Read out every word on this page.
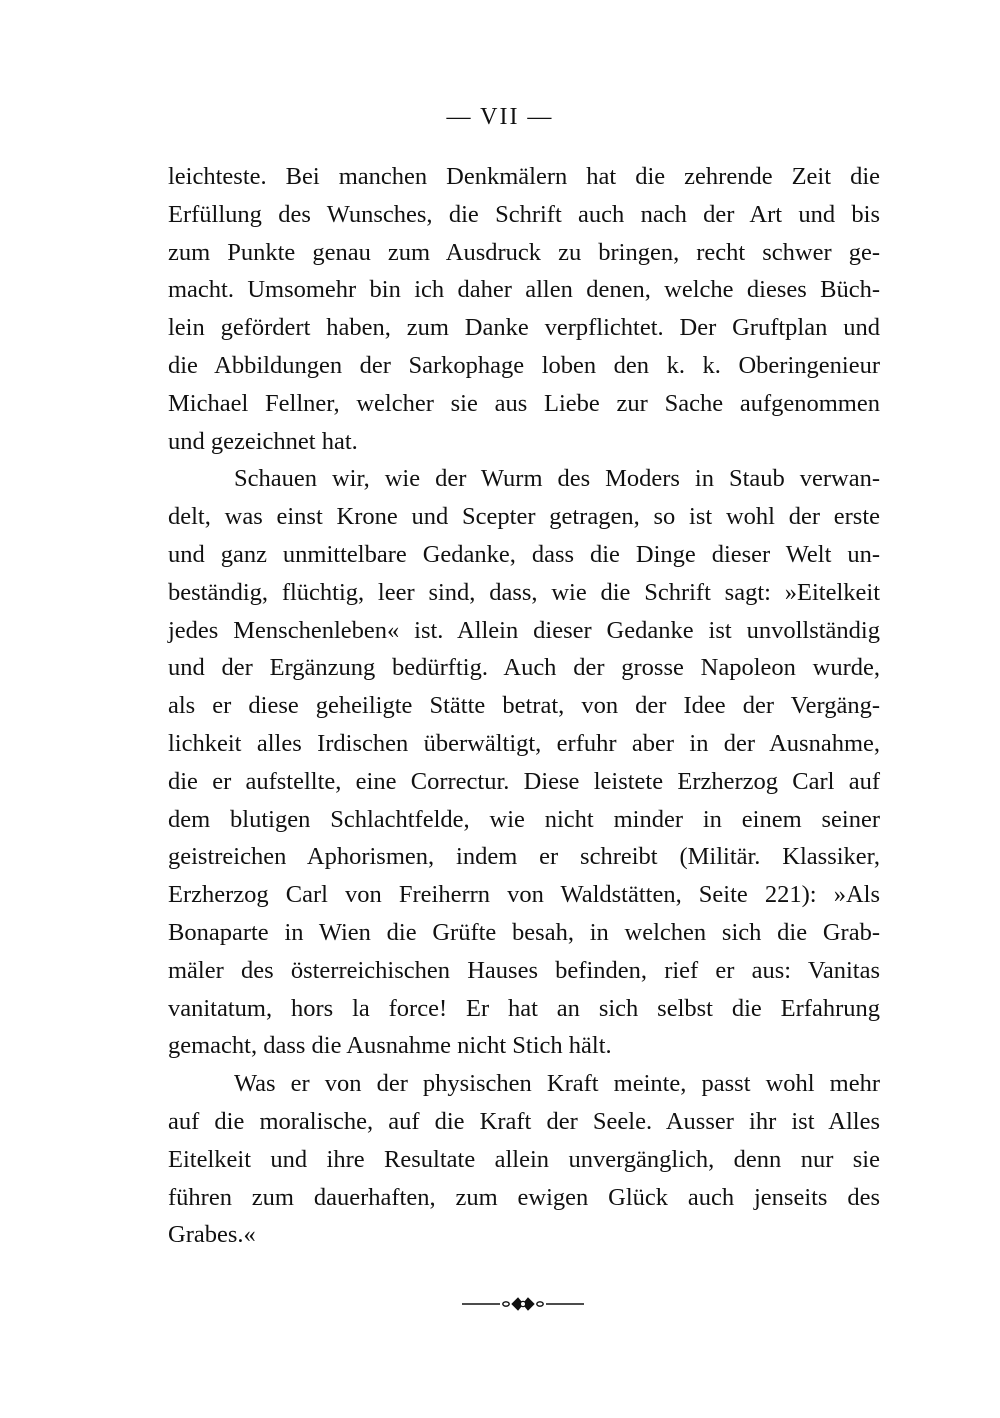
— VII —
leichteste. Bei manchen Denkmälern hat die zehrende Zeit die
Erfüllung des Wunsches, die Schrift auch nach der Art und bis
zum Punkte genau zum Ausdruck zu bringen, recht schwer ge-
macht. Umsomehr bin ich daher allen denen, welche dieses Büch-
lein gefördert haben, zum Danke verpflichtet. Der Gruftplan und
die Abbildungen der Sarkophage loben den k. k. Oberingenieur
Michael Fellner, welcher sie aus Liebe zur Sache aufgenommen
und gezeichnet hat.
Schauen wir, wie der Wurm des Moders in Staub verwan-
delt, was einst Krone und Scepter getragen, so ist wohl der erste
und ganz unmittelbare Gedanke, dass die Dinge dieser Welt un-
beständig, flüchtig, leer sind, dass, wie die Schrift sagt: »Eitelkeit
jedes Menschenleben« ist. Allein dieser Gedanke ist unvollständig
und der Ergänzung bedürftig. Auch der grosse Napoleon wurde,
als er diese geheiligte Stätte betrat, von der Idee der Vergäng-
lichkeit alles Irdischen überwältigt, erfuhr aber in der Ausnahme,
die er aufstellte, eine Correctur. Diese leistete Erzherzog Carl auf
dem blutigen Schlachtfelde, wie nicht minder in einem seiner
geistreichen Aphorismen, indem er schreibt (Militär. Klassiker,
Erzherzog Carl von Freiherrn von Waldstätten, Seite 221): »Als
Bonaparte in Wien die Grüfte besah, in welchen sich die Grab-
mäler des österreichischen Hauses befinden, rief er aus: Vanitas
vanitatum, hors la force! Er hat an sich selbst die Erfahrung
gemacht, dass die Ausnahme nicht Stich hält.
Was er von der physischen Kraft meinte, passt wohl mehr
auf die moralische, auf die Kraft der Seele. Ausser ihr ist Alles
Eitelkeit und ihre Resultate allein unvergänglich, denn nur sie
führen zum dauerhaften, zum ewigen Glück auch jenseits des
Grabes.«
